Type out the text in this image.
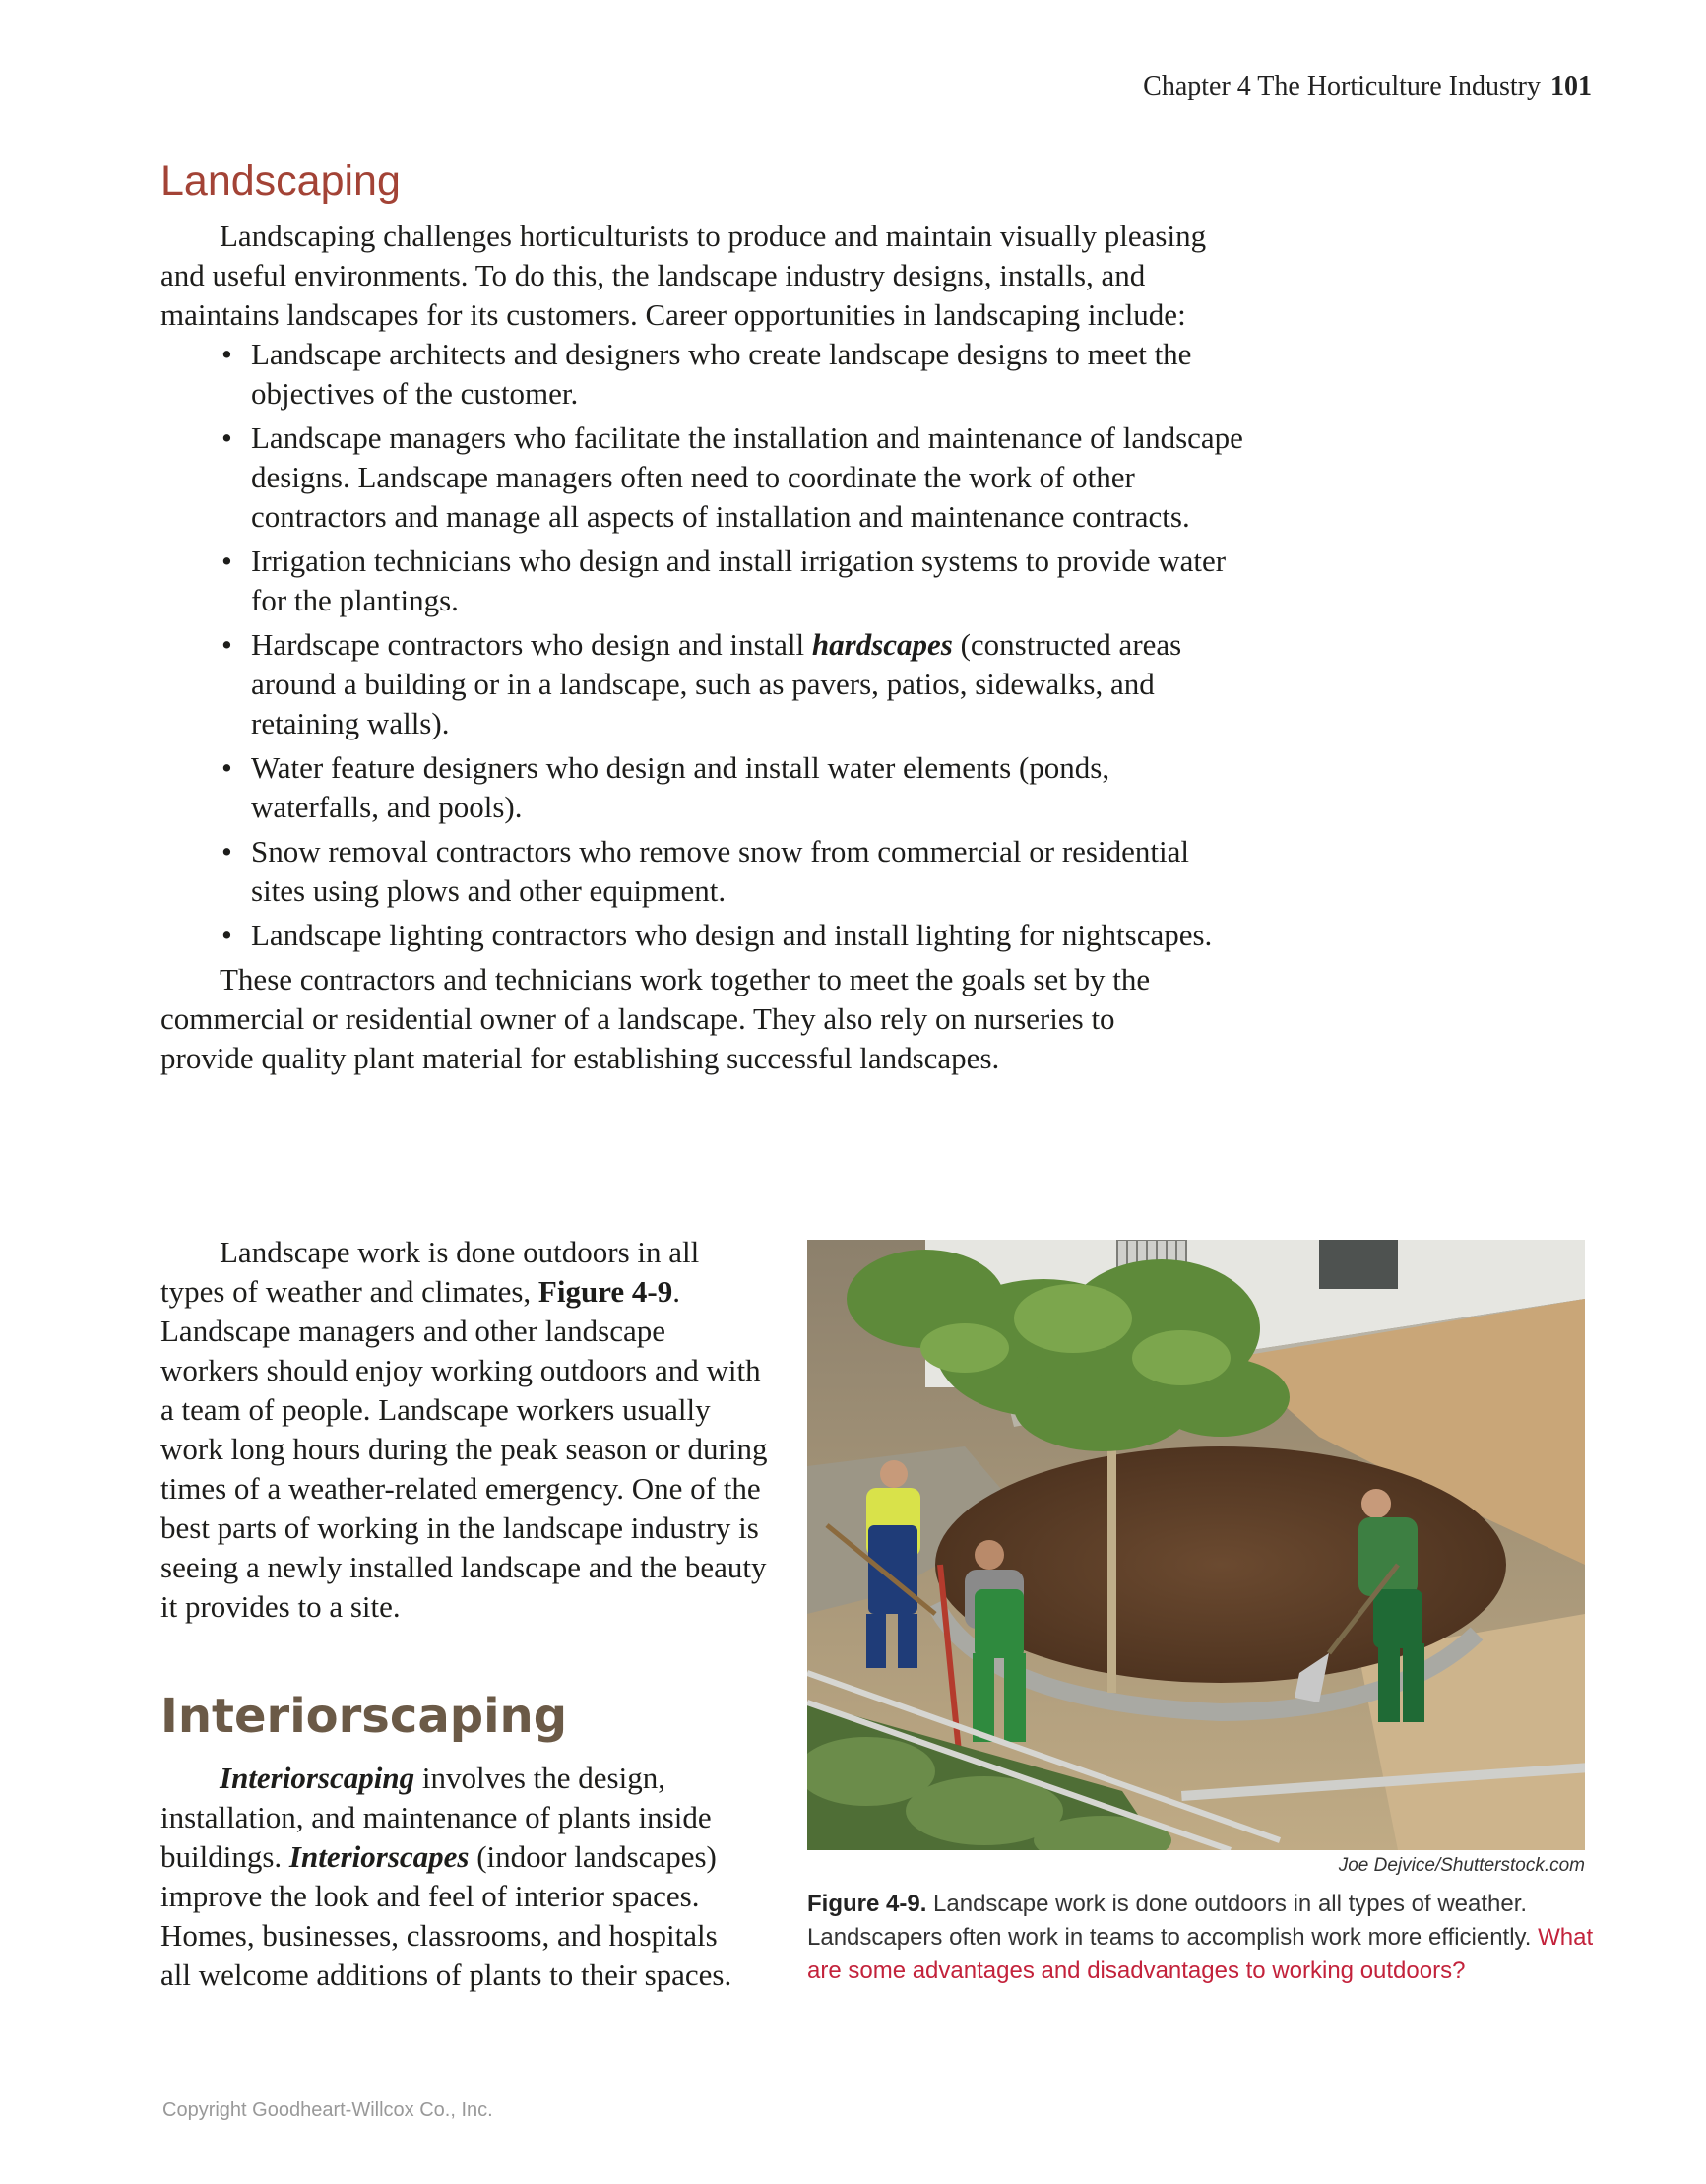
Chapter 4 The Horticulture Industry 101
Landscaping

Landscaping challenges horticulturists to produce and maintain visually pleasing and useful environments. To do this, the landscape industry designs, installs, and maintains landscapes for its customers. Career opportunities in landscaping include:

• Landscape architects and designers who create landscape designs to meet the objectives of the customer.
• Landscape managers who facilitate the installation and maintenance of landscape designs. Landscape managers often need to coordinate the work of other contractors and manage all aspects of installation and maintenance contracts.
• Irrigation technicians who design and install irrigation systems to provide water for the plantings.
• Hardscape contractors who design and install hardscapes (constructed areas around a building or in a landscape, such as pavers, patios, sidewalks, and retaining walls).
• Water feature designers who design and install water elements (ponds, waterfalls, and pools).
• Snow removal contractors who remove snow from commercial or residential sites using plows and other equipment.
• Landscape lighting contractors who design and install lighting for nightscapes.

These contractors and technicians work together to meet the goals set by the commercial or residential owner of a landscape. They also rely on nurseries to provide quality plant material for establishing successful landscapes.

Landscape work is done outdoors in all types of weather and climates, Figure 4-9. Landscape managers and other landscape workers should enjoy working outdoors and with a team of people. Landscape workers usually work long hours during the peak season or during times of a weather-related emergency. One of the best parts of working in the landscape industry is seeing a newly installed landscape and the beauty it provides to a site.

Interiorscaping

Interiorscaping involves the design, installation, and maintenance of plants inside buildings. Interiorscapes (indoor landscapes) improve the look and feel of interior spaces. Homes, businesses, classrooms, and hospitals all welcome additions of plants to their spaces.

Joe Dejvice/Shutterstock.com
Figure 4-9. Landscape work is done outdoors in all types of weather. Landscapers often work in teams to accomplish work more efficiently. What are some advantages and disadvantages to working outdoors?
Copyright Goodheart-Willcox Co., Inc.
